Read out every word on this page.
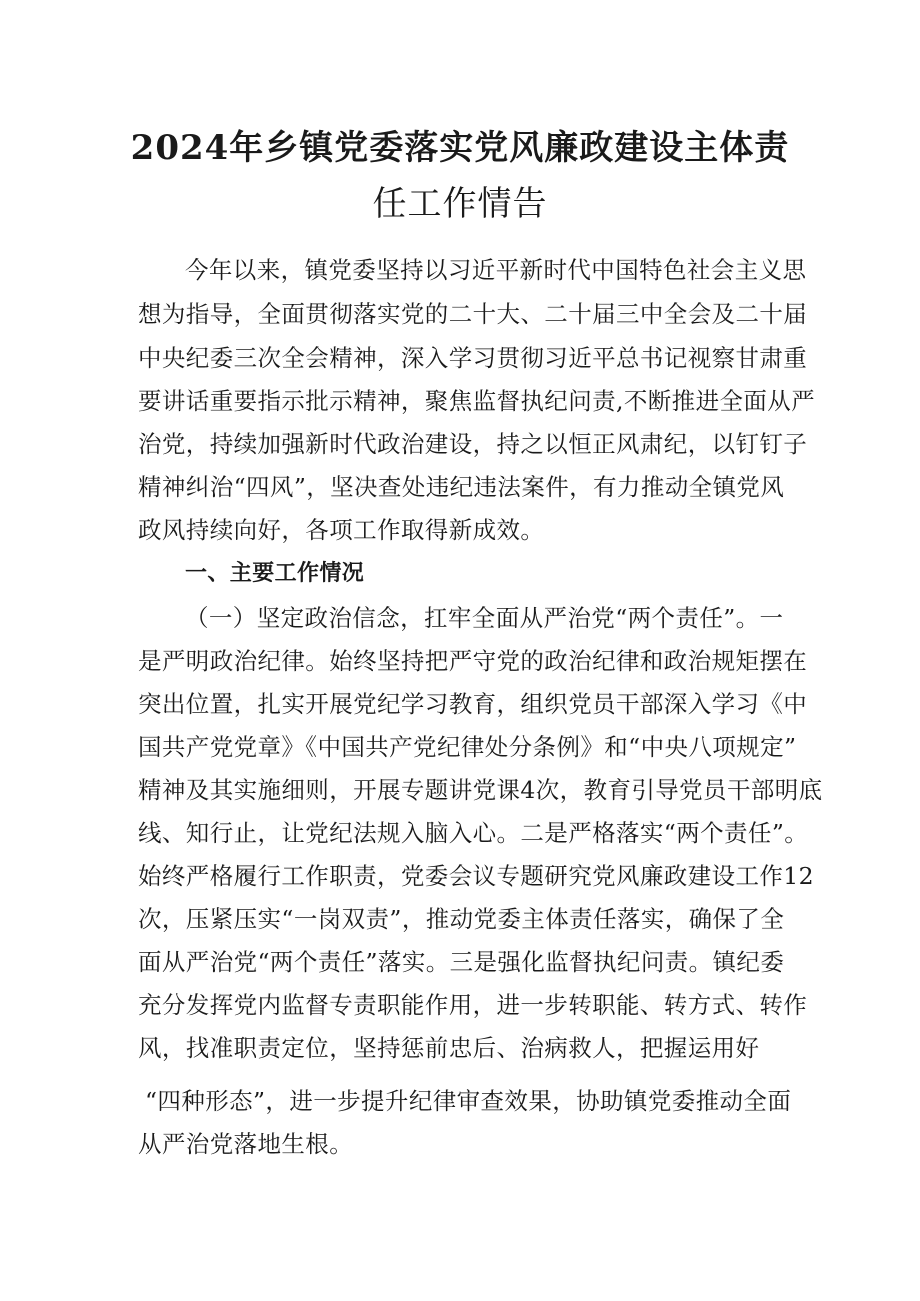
2024年乡镇党委落实党风廉政建设主体责
任工作情告
今年以来，镇党委坚持以习近平新时代中国特色社会主义思
想为指导，全面贯彻落实党的二十大、二十届三中全会及二十届
中央纪委三次全会精神，深入学习贯彻习近平总书记视察甘肃重
要讲话重要指示批示精神，聚焦监督执纪问责,不断推进全面从严
治党，持续加强新时代政治建设，持之以恒正风肃纪，以钉钉子
精神纠治“四风”，坚决查处违纪违法案件，有力推动全镇党风
政风持续向好，各项工作取得新成效。
一、主要工作情况
（一）坚定政治信念，扛牢全面从严治党“两个责任”。一
是严明政治纪律。始终坚持把严守党的政治纪律和政治规矩摆在
突出位置，扎实开展党纪学习教育，组织党员干部深入学习《中
国共产党党章》《中国共产党纪律处分条例》和“中央八项规定”
精神及其实施细则，开展专题讲党课4次，教育引导党员干部明底
线、知行止，让党纪法规入脑入心。二是严格落实“两个责任”。
始终严格履行工作职责，党委会议专题研究党风廉政建设工作12
次，压紧压实“一岗双责”，推动党委主体责任落实，确保了全
面从严治党“两个责任”落实。三是强化监督执纪问责。镇纪委
充分发挥党内监督专责职能作用，进一步转职能、转方式、转作
风，找准职责定位，坚持惩前忠后、治病救人，把握运用好
“四种形态”，进一步提升纪律审查效果，协助镇党委推动全面
从严治党落地生根。
